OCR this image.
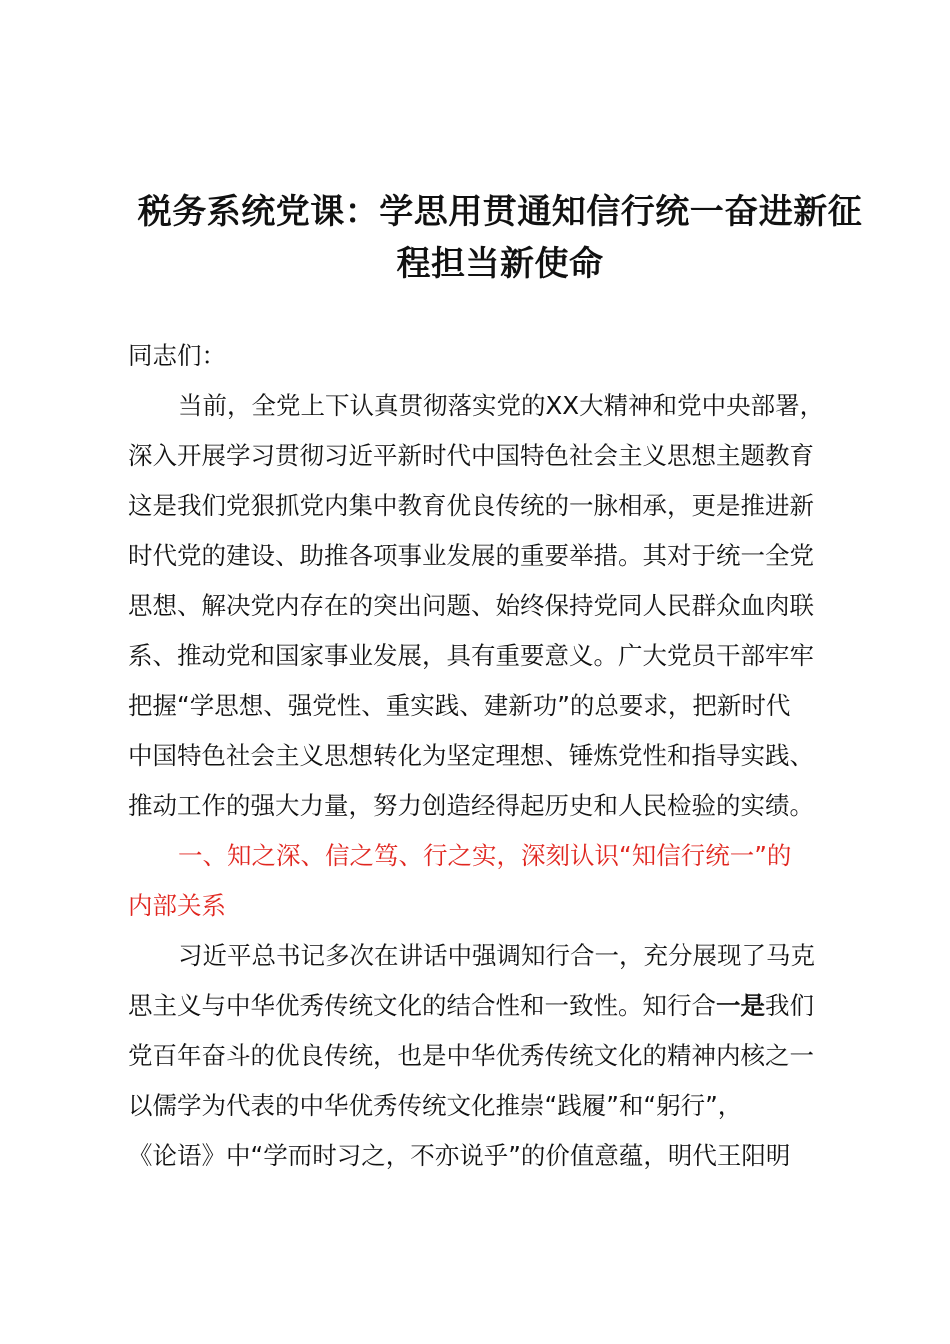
税务系统党课：学思用贯通知信行统一奋进新征
程担当新使命
同志们：
当前，全党上下认真贯彻落实党的XX大精神和党中央部署，
深入开展学习贯彻习近平新时代中国特色社会主义思想主题教育
这是我们党狠抓党内集中教育优良传统的一脉相承，更是推进新
时代党的建设、助推各项事业发展的重要举措。其对于统一全党
思想、解决党内存在的突出问题、始终保持党同人民群众血肉联
系、推动党和国家事业发展，具有重要意义。广大党员干部牢牢
把握“学思想、强党性、重实践、建新功”的总要求，把新时代
中国特色社会主义思想转化为坚定理想、锤炼党性和指导实践、
推动工作的强大力量，努力创造经得起历史和人民检验的实绩。
一、知之深、信之笃、行之实，深刻认识“知信行统一”的
内部关系
习近平总书记多次在讲话中强调知行合一，充分展现了马克
思主义与中华优秀传统文化的结合性和一致性。知行合一是我们
党百年奋斗的优良传统，也是中华优秀传统文化的精神内核之一
以儒学为代表的中华优秀传统文化推崇“践履”和“躬行”，
《论语》中“学而时习之，不亦说乎”的价值意蕴，明代王阳明
